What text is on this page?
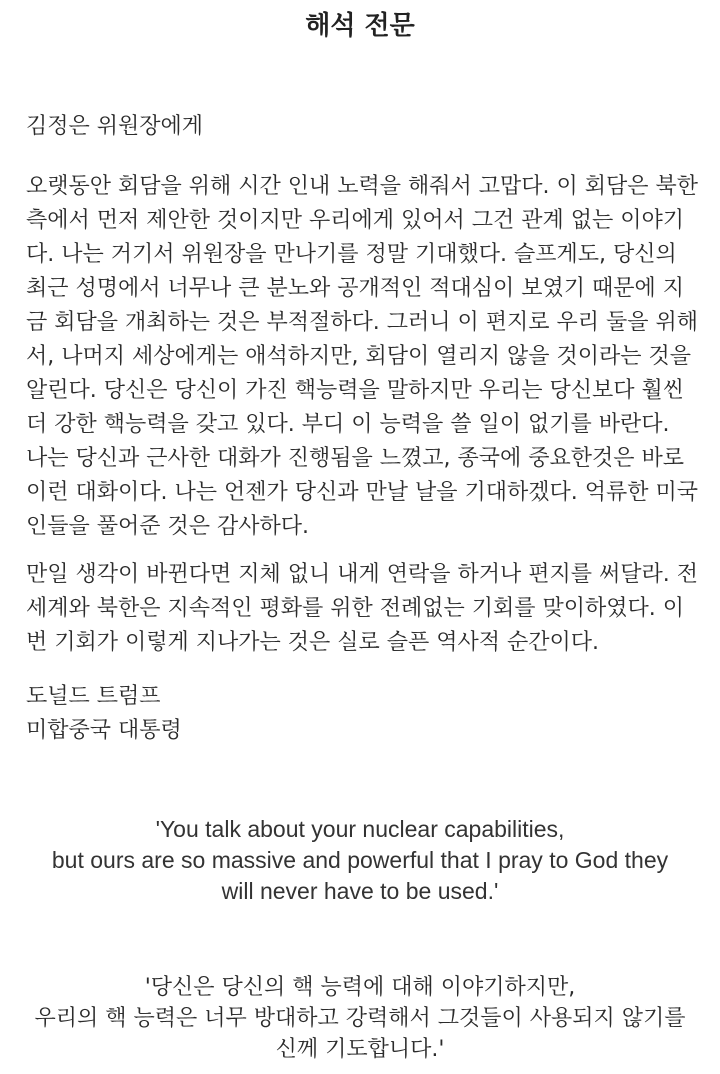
해석 전문
김정은 위원장에게
오랫동안 회담을 위해 시간 인내 노력을 해줘서 고맙다. 이 회담은 북한
측에서 먼저 제안한 것이지만 우리에게 있어서 그건 관계 없는 이야기
다. 나는 거기서 위원장을 만나기를 정말 기대했다. 슬프게도, 당신의
최근 성명에서 너무나 큰 분노와 공개적인 적대심이 보였기 때문에 지
금 회담을 개최하는 것은 부적절하다. 그러니 이 편지로 우리 둘을 위해
서, 나머지 세상에게는 애석하지만, 회담이 열리지 않을 것이라는 것을
알린다. 당신은 당신이 가진 핵능력을 말하지만 우리는 당신보다 훨씬
더 강한 핵능력을 갖고 있다. 부디 이 능력을 쓸 일이 없기를 바란다.
나는 당신과 근사한 대화가 진행됨을 느꼈고, 종국에 중요한것은 바로
이런 대화이다. 나는 언젠가 당신과 만날 날을 기대하겠다. 억류한 미국
인들을 풀어준 것은 감사하다.
만일 생각이 바뀐다면 지체 없니 내게 연락을 하거나 편지를 써달라. 전
세계와 북한은 지속적인 평화를 위한 전례없는 기회를 맞이하였다. 이
번 기회가 이렇게 지나가는 것은 실로 슬픈 역사적 순간이다.
도널드 트럼프
미합중국 대통령
'You talk about your nuclear capabilities,
but ours are so massive and powerful that I pray to God they
will never have to be used.'
'당신은 당신의 핵 능력에 대해 이야기하지만,
우리의 핵 능력은 너무 방대하고 강력해서 그것들이 사용되지 않기를
신께 기도합니다.'
